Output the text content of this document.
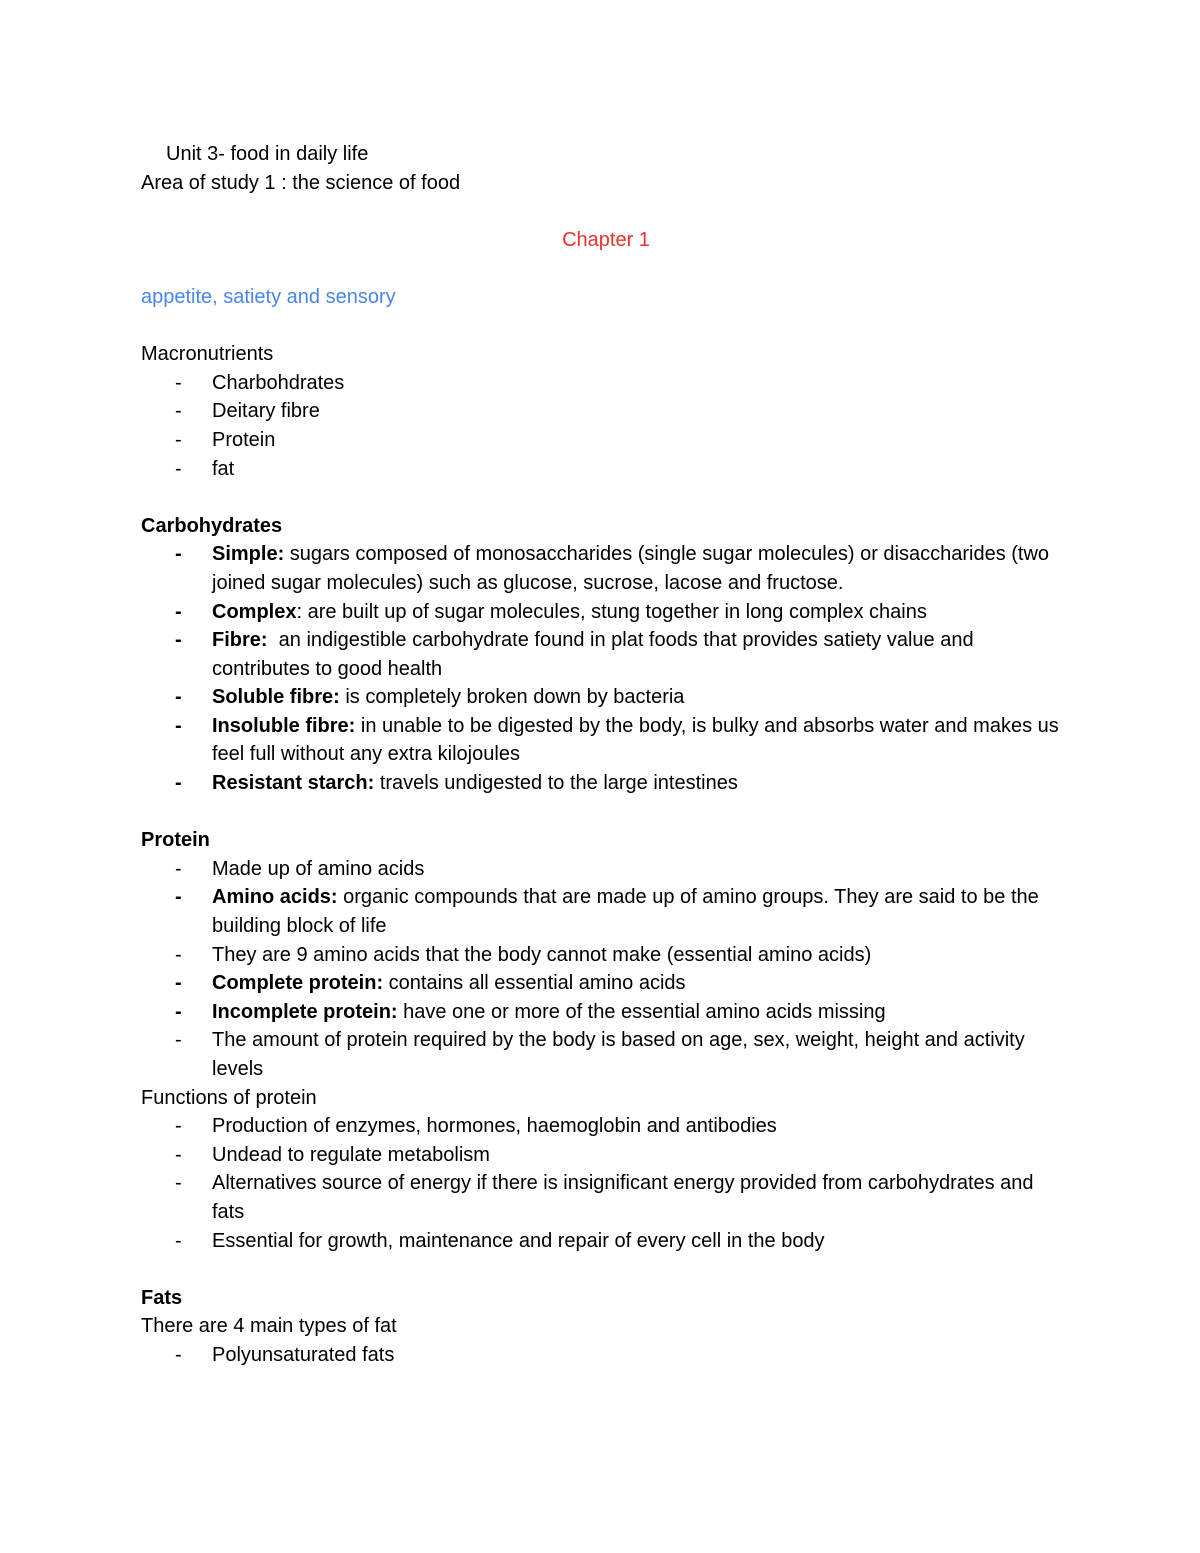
Unit 3- food in daily life
Area of study 1 : the science of food
Chapter 1
appetite, satiety and sensory
Macronutrients
- Charbohdrates
- Deitary fibre
- Protein
- fat
Carbohydrates
- Simple: sugars composed of monosaccharides (single sugar molecules) or disaccharides (two joined sugar molecules) such as glucose, sucrose, lacose and fructose.
- Complex: are built up of sugar molecules, stung together in long complex chains
- Fibre:  an indigestible carbohydrate found in plat foods that provides satiety value and contributes to good health
- Soluble fibre: is completely broken down by bacteria
- Insoluble fibre: in unable to be digested by the body, is bulky and absorbs water and makes us feel full without any extra kilojoules
- Resistant starch: travels undigested to the large intestines
Protein
- Made up of amino acids
- Amino acids: organic compounds that are made up of amino groups. They are said to be the building block of life
- They are 9 amino acids that the body cannot make (essential amino acids)
- Complete protein: contains all essential amino acids
- Incomplete protein: have one or more of the essential amino acids missing
- The amount of protein required by the body is based on age, sex, weight, height and activity levels
Functions of protein
- Production of enzymes, hormones, haemoglobin and antibodies
- Undead to regulate metabolism
- Alternatives source of energy if there is insignificant energy provided from carbohydrates and fats
- Essential for growth, maintenance and repair of every cell in the body
Fats
There are 4 main types of fat
- Polyunsaturated fats
